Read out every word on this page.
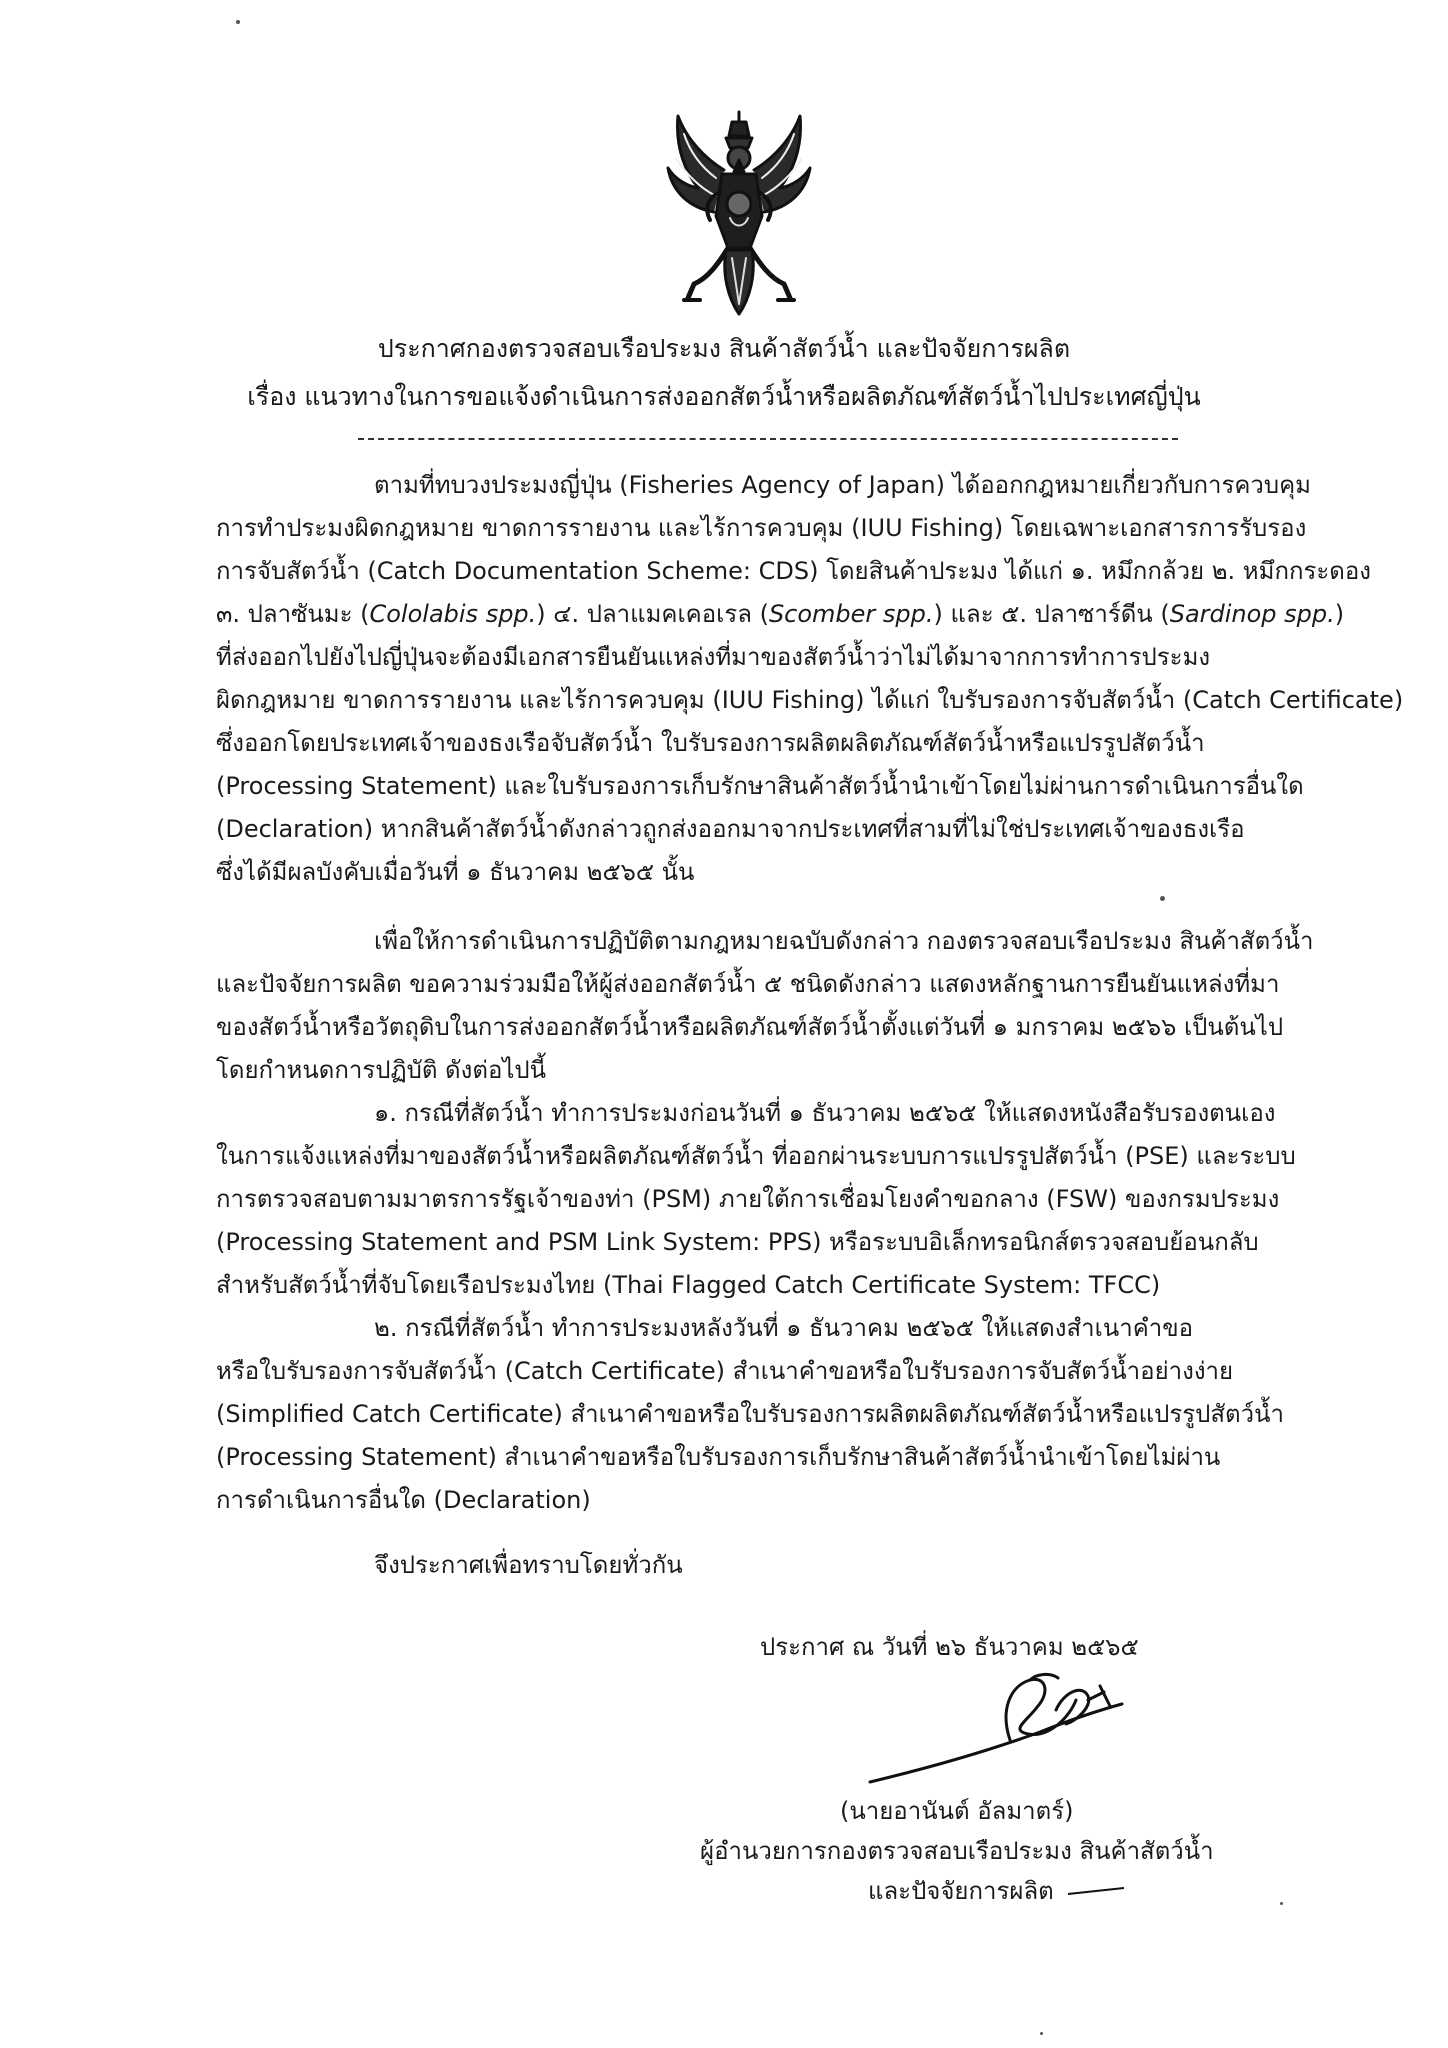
ประกาศกองตรวจสอบเรือประมง สินค้าสัตว์น้ำ และปัจจัยการผลิต
เรื่อง แนวทางในการขอแจ้งดำเนินการส่งออกสัตว์น้ำหรือผลิตภัณฑ์สัตว์น้ำไปประเทศญี่ปุ่น
ตามที่ทบวงประมงญี่ปุ่น (Fisheries Agency of Japan) ได้ออกกฎหมายเกี่ยวกับการควบคุม
การทำประมงผิดกฎหมาย ขาดการรายงาน และไร้การควบคุม (IUU Fishing) โดยเฉพาะเอกสารการรับรอง
การจับสัตว์น้ำ (Catch Documentation Scheme: CDS) โดยสินค้าประมง ได้แก่ ๑. หมึกกล้วย ๒. หมึกกระดอง
๓. ปลาซันมะ (Cololabis spp.) ๔. ปลาแมคเคอเรล (Scomber spp.) และ ๕. ปลาซาร์ดีน (Sardinop spp.)
ที่ส่งออกไปยังไปญี่ปุ่นจะต้องมีเอกสารยืนยันแหล่งที่มาของสัตว์น้ำว่าไม่ได้มาจากการทำการประมง
ผิดกฎหมาย ขาดการรายงาน และไร้การควบคุม (IUU Fishing) ได้แก่ ใบรับรองการจับสัตว์น้ำ (Catch Certificate)
ซึ่งออกโดยประเทศเจ้าของธงเรือจับสัตว์น้ำ ใบรับรองการผลิตผลิตภัณฑ์สัตว์น้ำหรือแปรรูปสัตว์น้ำ
(Processing Statement) และใบรับรองการเก็บรักษาสินค้าสัตว์น้ำนำเข้าโดยไม่ผ่านการดำเนินการอื่นใด
(Declaration) หากสินค้าสัตว์น้ำดังกล่าวถูกส่งออกมาจากประเทศที่สามที่ไม่ใช่ประเทศเจ้าของธงเรือ
ซึ่งได้มีผลบังคับเมื่อวันที่ ๑ ธันวาคม ๒๕๖๕ นั้น
เพื่อให้การดำเนินการปฏิบัติตามกฎหมายฉบับดังกล่าว กองตรวจสอบเรือประมง สินค้าสัตว์น้ำ
และปัจจัยการผลิต ขอความร่วมมือให้ผู้ส่งออกสัตว์น้ำ ๕ ชนิดดังกล่าว แสดงหลักฐานการยืนยันแหล่งที่มา
ของสัตว์น้ำหรือวัตถุดิบในการส่งออกสัตว์น้ำหรือผลิตภัณฑ์สัตว์น้ำตั้งแต่วันที่ ๑ มกราคม ๒๕๖๖ เป็นต้นไป
โดยกำหนดการปฏิบัติ ดังต่อไปนี้
๑. กรณีที่สัตว์น้ำ ทำการประมงก่อนวันที่ ๑ ธันวาคม ๒๕๖๕ ให้แสดงหนังสือรับรองตนเอง
ในการแจ้งแหล่งที่มาของสัตว์น้ำหรือผลิตภัณฑ์สัตว์น้ำ ที่ออกผ่านระบบการแปรรูปสัตว์น้ำ (PSE) และระบบ
การตรวจสอบตามมาตรการรัฐเจ้าของท่า (PSM) ภายใต้การเชื่อมโยงคำขอกลาง (FSW) ของกรมประมง
(Processing Statement and PSM Link System: PPS) หรือระบบอิเล็กทรอนิกส์ตรวจสอบย้อนกลับ
สำหรับสัตว์น้ำที่จับโดยเรือประมงไทย (Thai Flagged Catch Certificate System: TFCC)
๒. กรณีที่สัตว์น้ำ ทำการประมงหลังวันที่ ๑ ธันวาคม ๒๕๖๕ ให้แสดงสำเนาคำขอ
หรือใบรับรองการจับสัตว์น้ำ (Catch Certificate) สำเนาคำขอหรือใบรับรองการจับสัตว์น้ำอย่างง่าย
(Simplified Catch Certificate) สำเนาคำขอหรือใบรับรองการผลิตผลิตภัณฑ์สัตว์น้ำหรือแปรรูปสัตว์น้ำ
(Processing Statement) สำเนาคำขอหรือใบรับรองการเก็บรักษาสินค้าสัตว์น้ำนำเข้าโดยไม่ผ่าน
การดำเนินการอื่นใด (Declaration)
จึงประกาศเพื่อทราบโดยทั่วกัน
ประกาศ ณ วันที่ ๒๖ ธันวาคม ๒๕๖๕
(นายอานันต์ อัลมาตร์)
ผู้อำนวยการกองตรวจสอบเรือประมง สินค้าสัตว์น้ำ
และปัจจัยการผลิต
